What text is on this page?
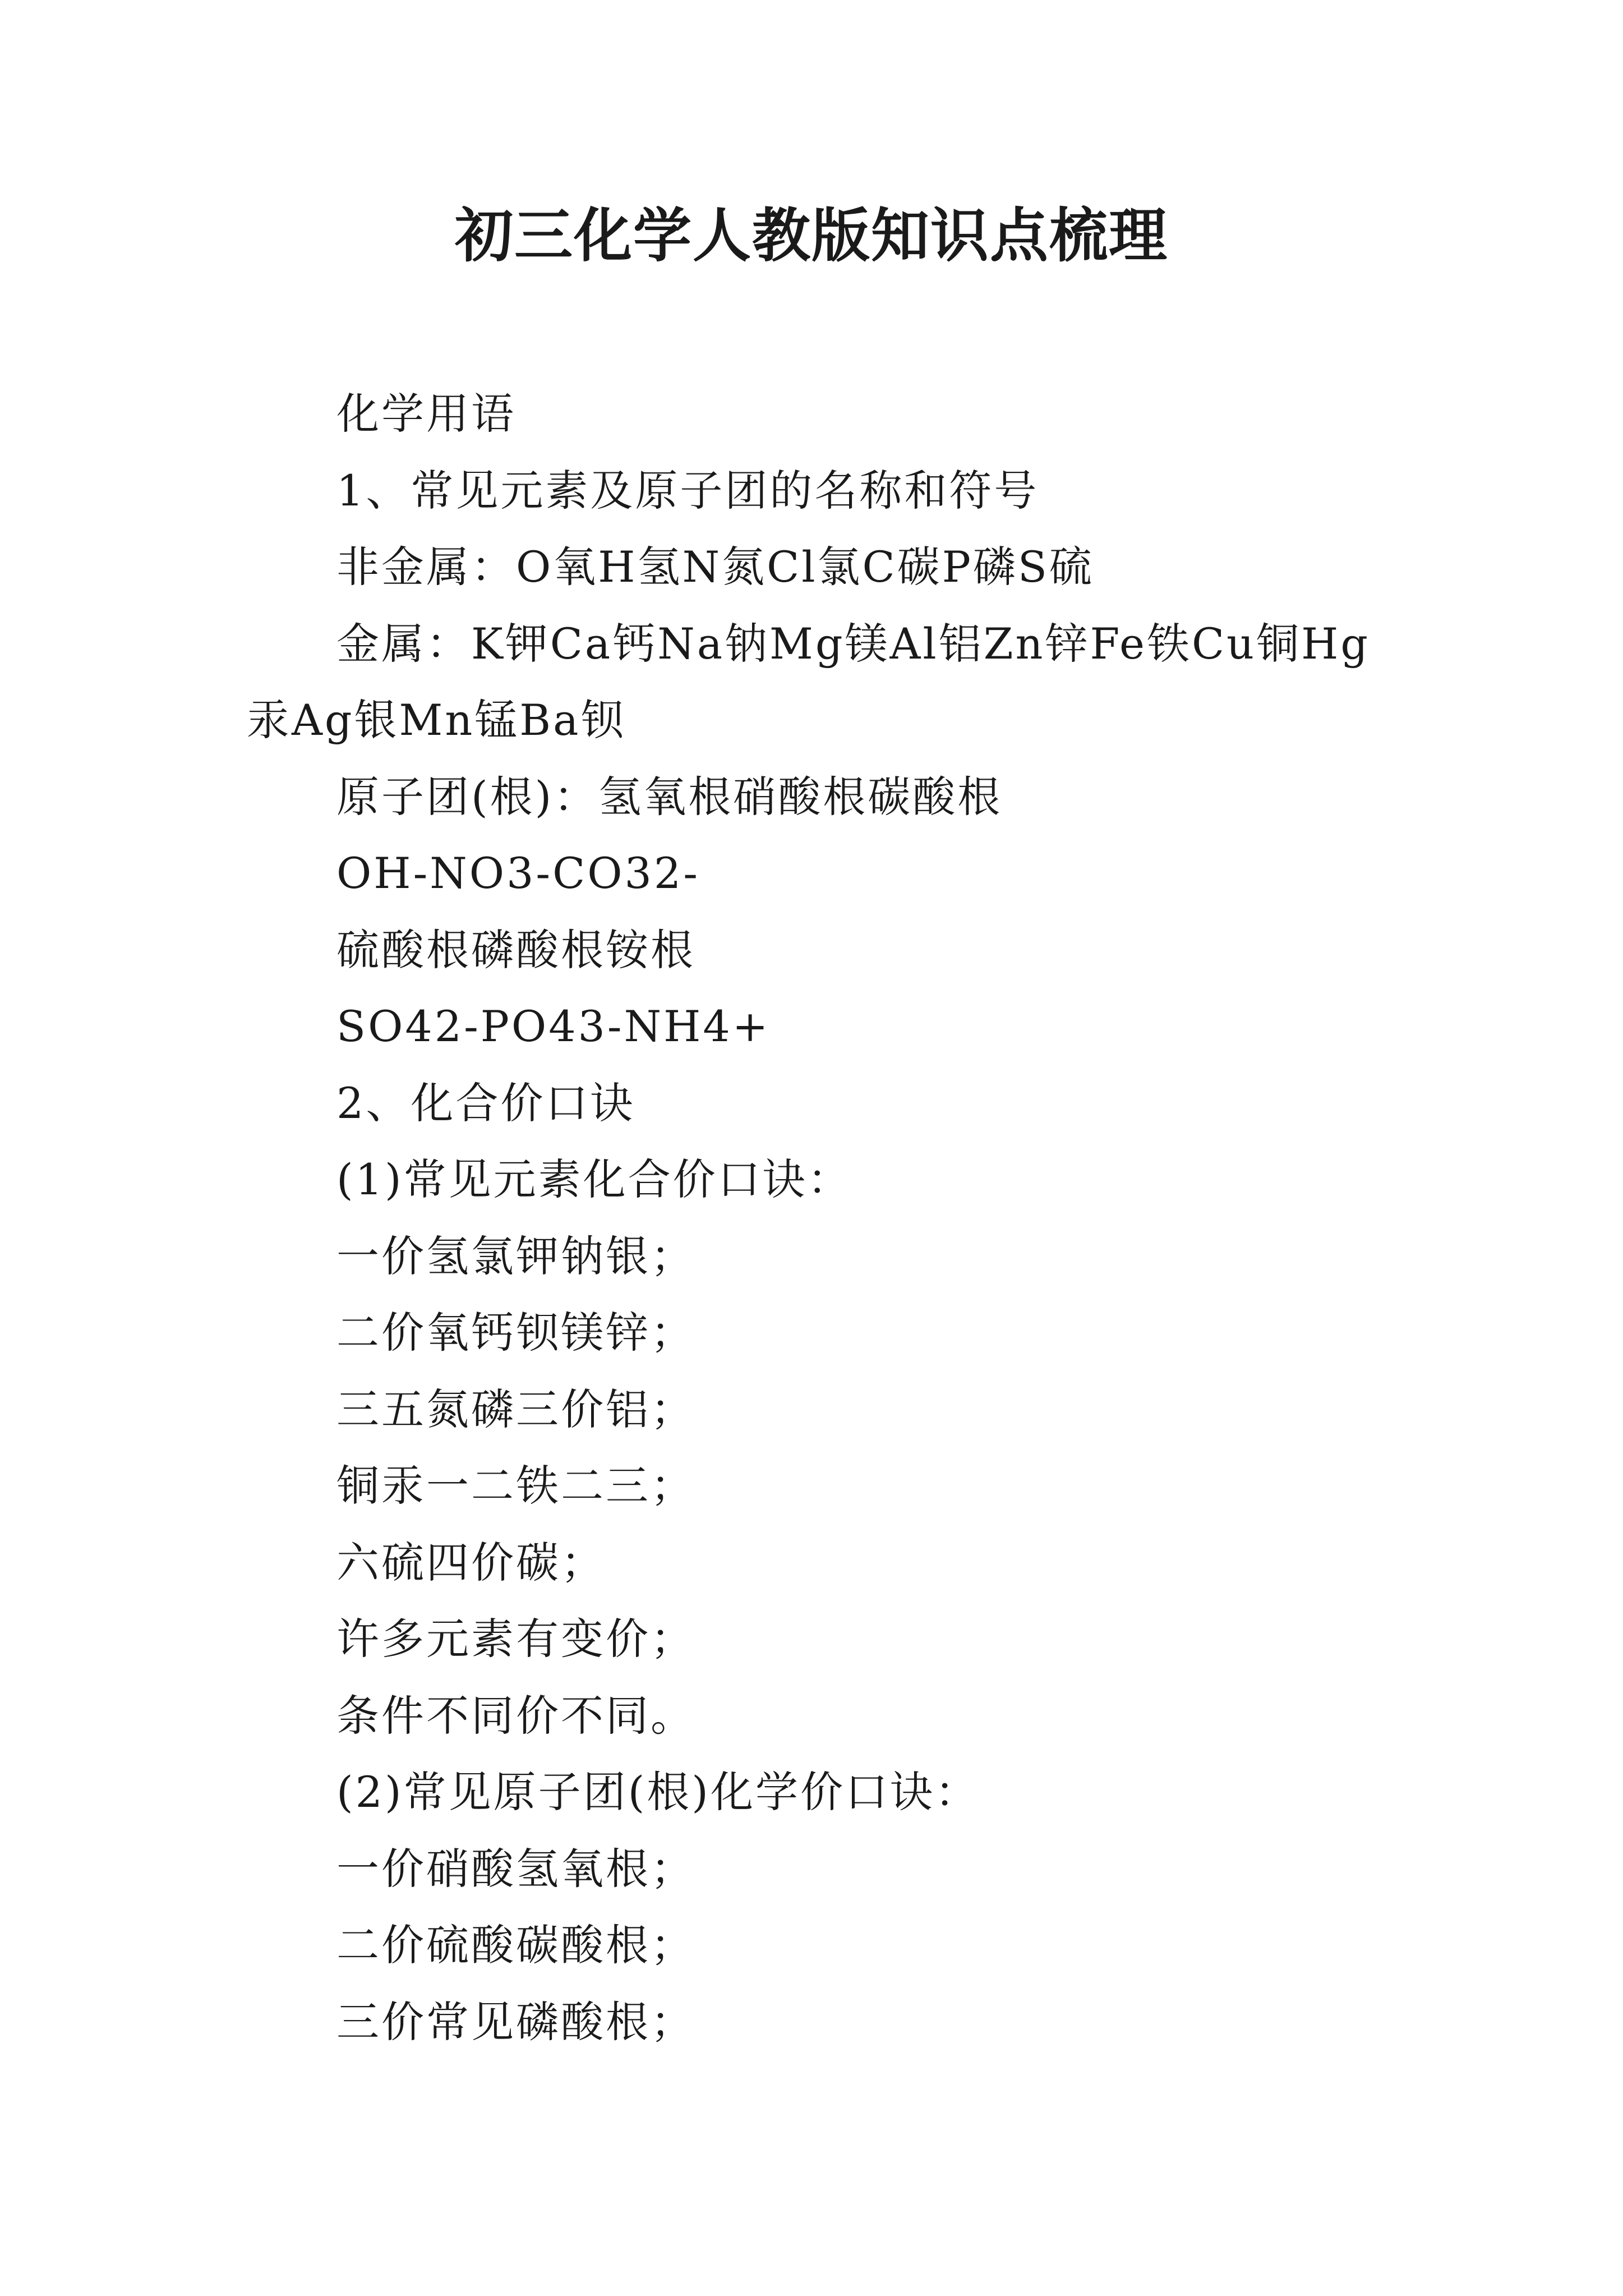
初三化学人教版知识点梳理

化学用语

1、常见元素及原子团的名称和符号

非金属：O氧H氢N氮Cl氯C碳P磷S硫

金属：K钾Ca钙Na钠Mg镁Al铝Zn锌Fe铁Cu铜Hg汞Ag银Mn锰Ba钡

原子团(根)：氢氧根硝酸根碳酸根

OH-NO3-CO32-

硫酸根磷酸根铵根

SO42-PO43-NH4+

2、化合价口诀

(1)常见元素化合价口诀：

一价氢氯钾钠银；

二价氧钙钡镁锌；

三五氮磷三价铝；

铜汞一二铁二三；

六硫四价碳；

许多元素有变价；

条件不同价不同。

(2)常见原子团(根)化学价口诀：

一价硝酸氢氧根；

二价硫酸碳酸根；

三价常见磷酸根；
